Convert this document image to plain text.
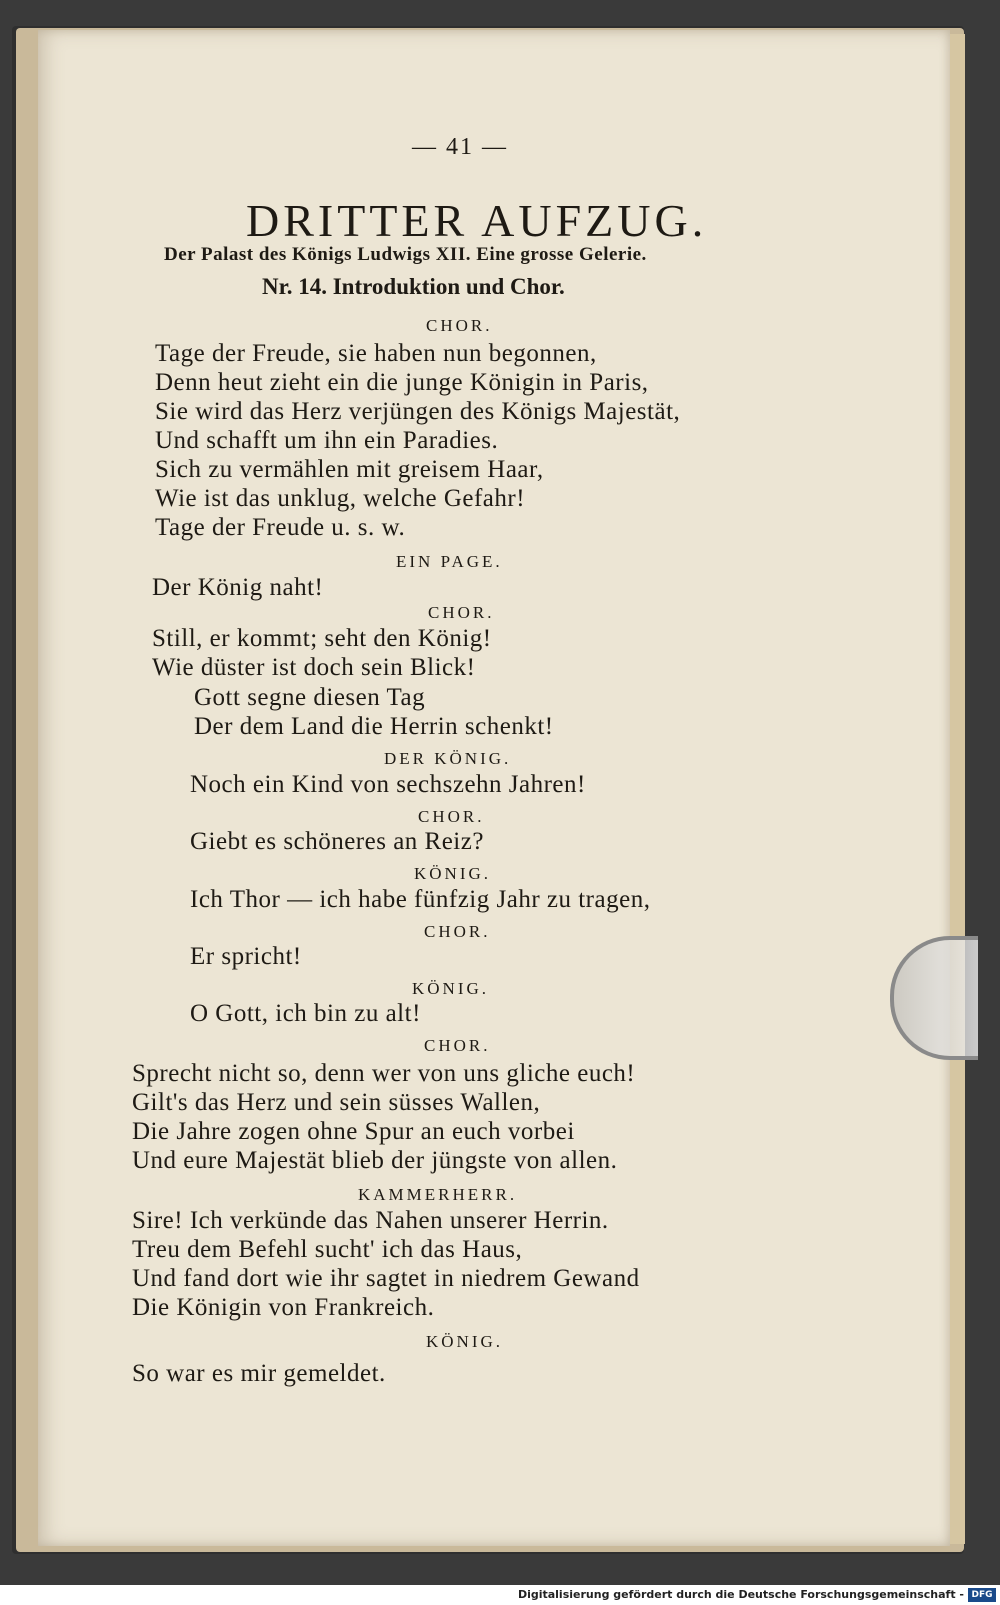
— 41 —
DRITTER AUFZUG.
Der Palast des Königs Ludwigs XII. Eine grosse Gelerie.
Nr. 14. Introduktion und Chor.
CHOR.
Tage der Freude, sie haben nun begonnen,
Denn heut zieht ein die junge Königin in Paris,
Sie wird das Herz verjüngen des Königs Majestät,
Und schafft um ihn ein Paradies.
Sich zu vermählen mit greisem Haar,
Wie ist das unklug, welche Gefahr!
Tage der Freude u. s. w.
EIN PAGE.
Der König naht!
CHOR.
Still, er kommt; seht den König!
Wie düster ist doch sein Blick!
Gott segne diesen Tag
Der dem Land die Herrin schenkt!
DER KÖNIG.
Noch ein Kind von sechszehn Jahren!
CHOR.
Giebt es schöneres an Reiz?
KÖNIG.
Ich Thor — ich habe fünfzig Jahr zu tragen,
CHOR.
Er spricht!
KÖNIG.
O Gott, ich bin zu alt!
CHOR.
Sprecht nicht so, denn wer von uns gliche euch!
Gilt's das Herz und sein süsses Wallen,
Die Jahre zogen ohne Spur an euch vorbei
Und eure Majestät blieb der jüngste von allen.
KAMMERHERR.
Sire! Ich verkünde das Nahen unserer Herrin.
Treu dem Befehl sucht' ich das Haus,
Und fand dort wie ihr sagtet in niedrem Gewand
Die Königin von Frankreich.
KÖNIG.
So war es mir gemeldet.
Digitalisierung gefördert durch die Deutsche Forschungsgemeinschaft - DFG
